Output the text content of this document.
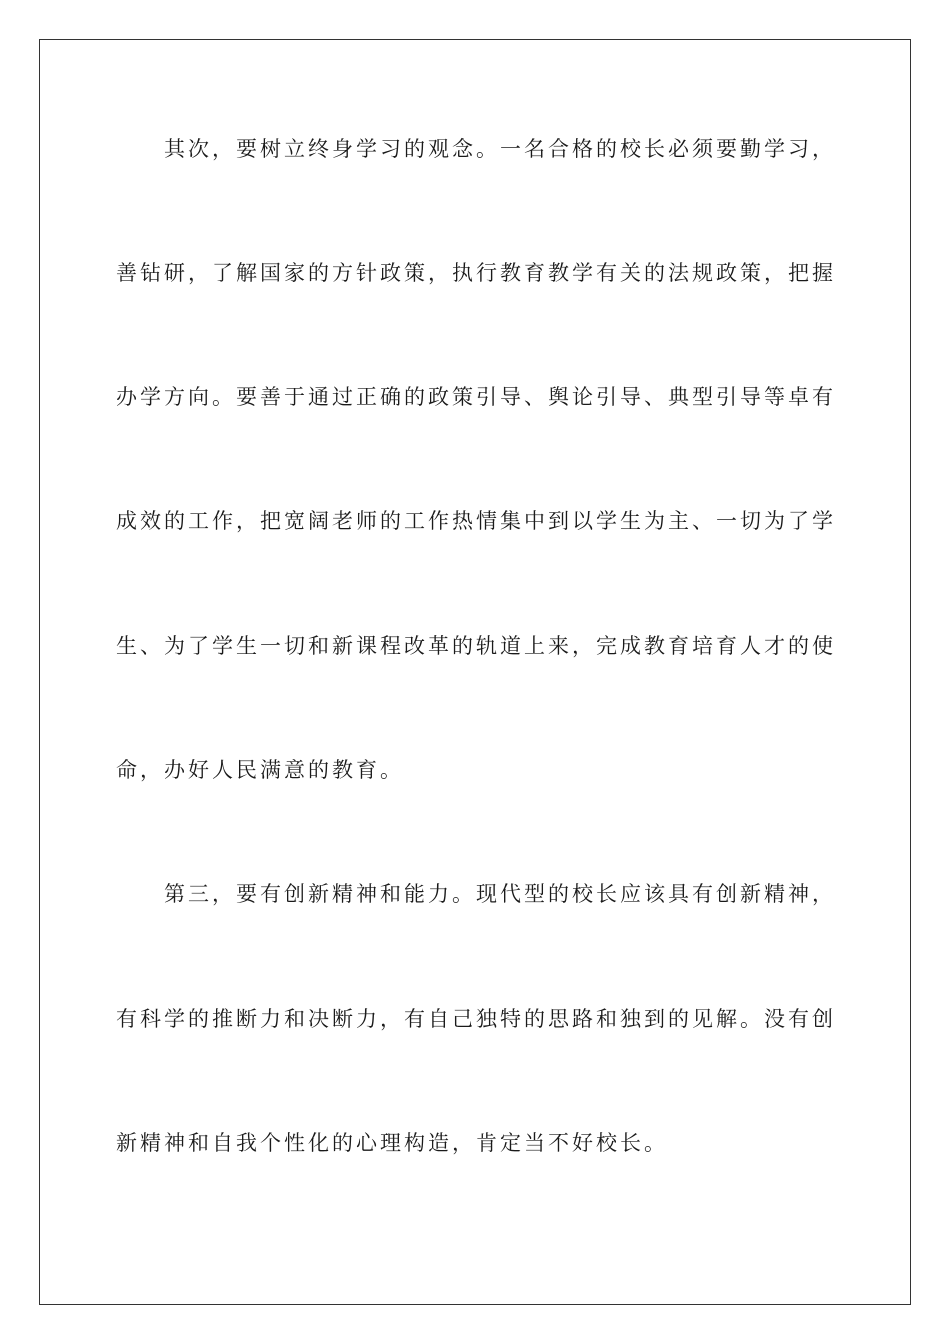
其次，要树立终身学习的观念。一名合格的校长必须要勤学习，
善钻研，了解国家的方针政策，执行教育教学有关的法规政策，把握
办学方向。要善于通过正确的政策引导、舆论引导、典型引导等卓有
成效的工作，把宽阔老师的工作热情集中到以学生为主、一切为了学
生、为了学生一切和新课程改革的轨道上来，完成教育培育人才的使
命，办好人民满意的教育。
第三，要有创新精神和能力。现代型的校长应该具有创新精神，
有科学的推断力和决断力，有自己独特的思路和独到的见解。没有创
新精神和自我个性化的心理构造，肯定当不好校长。
